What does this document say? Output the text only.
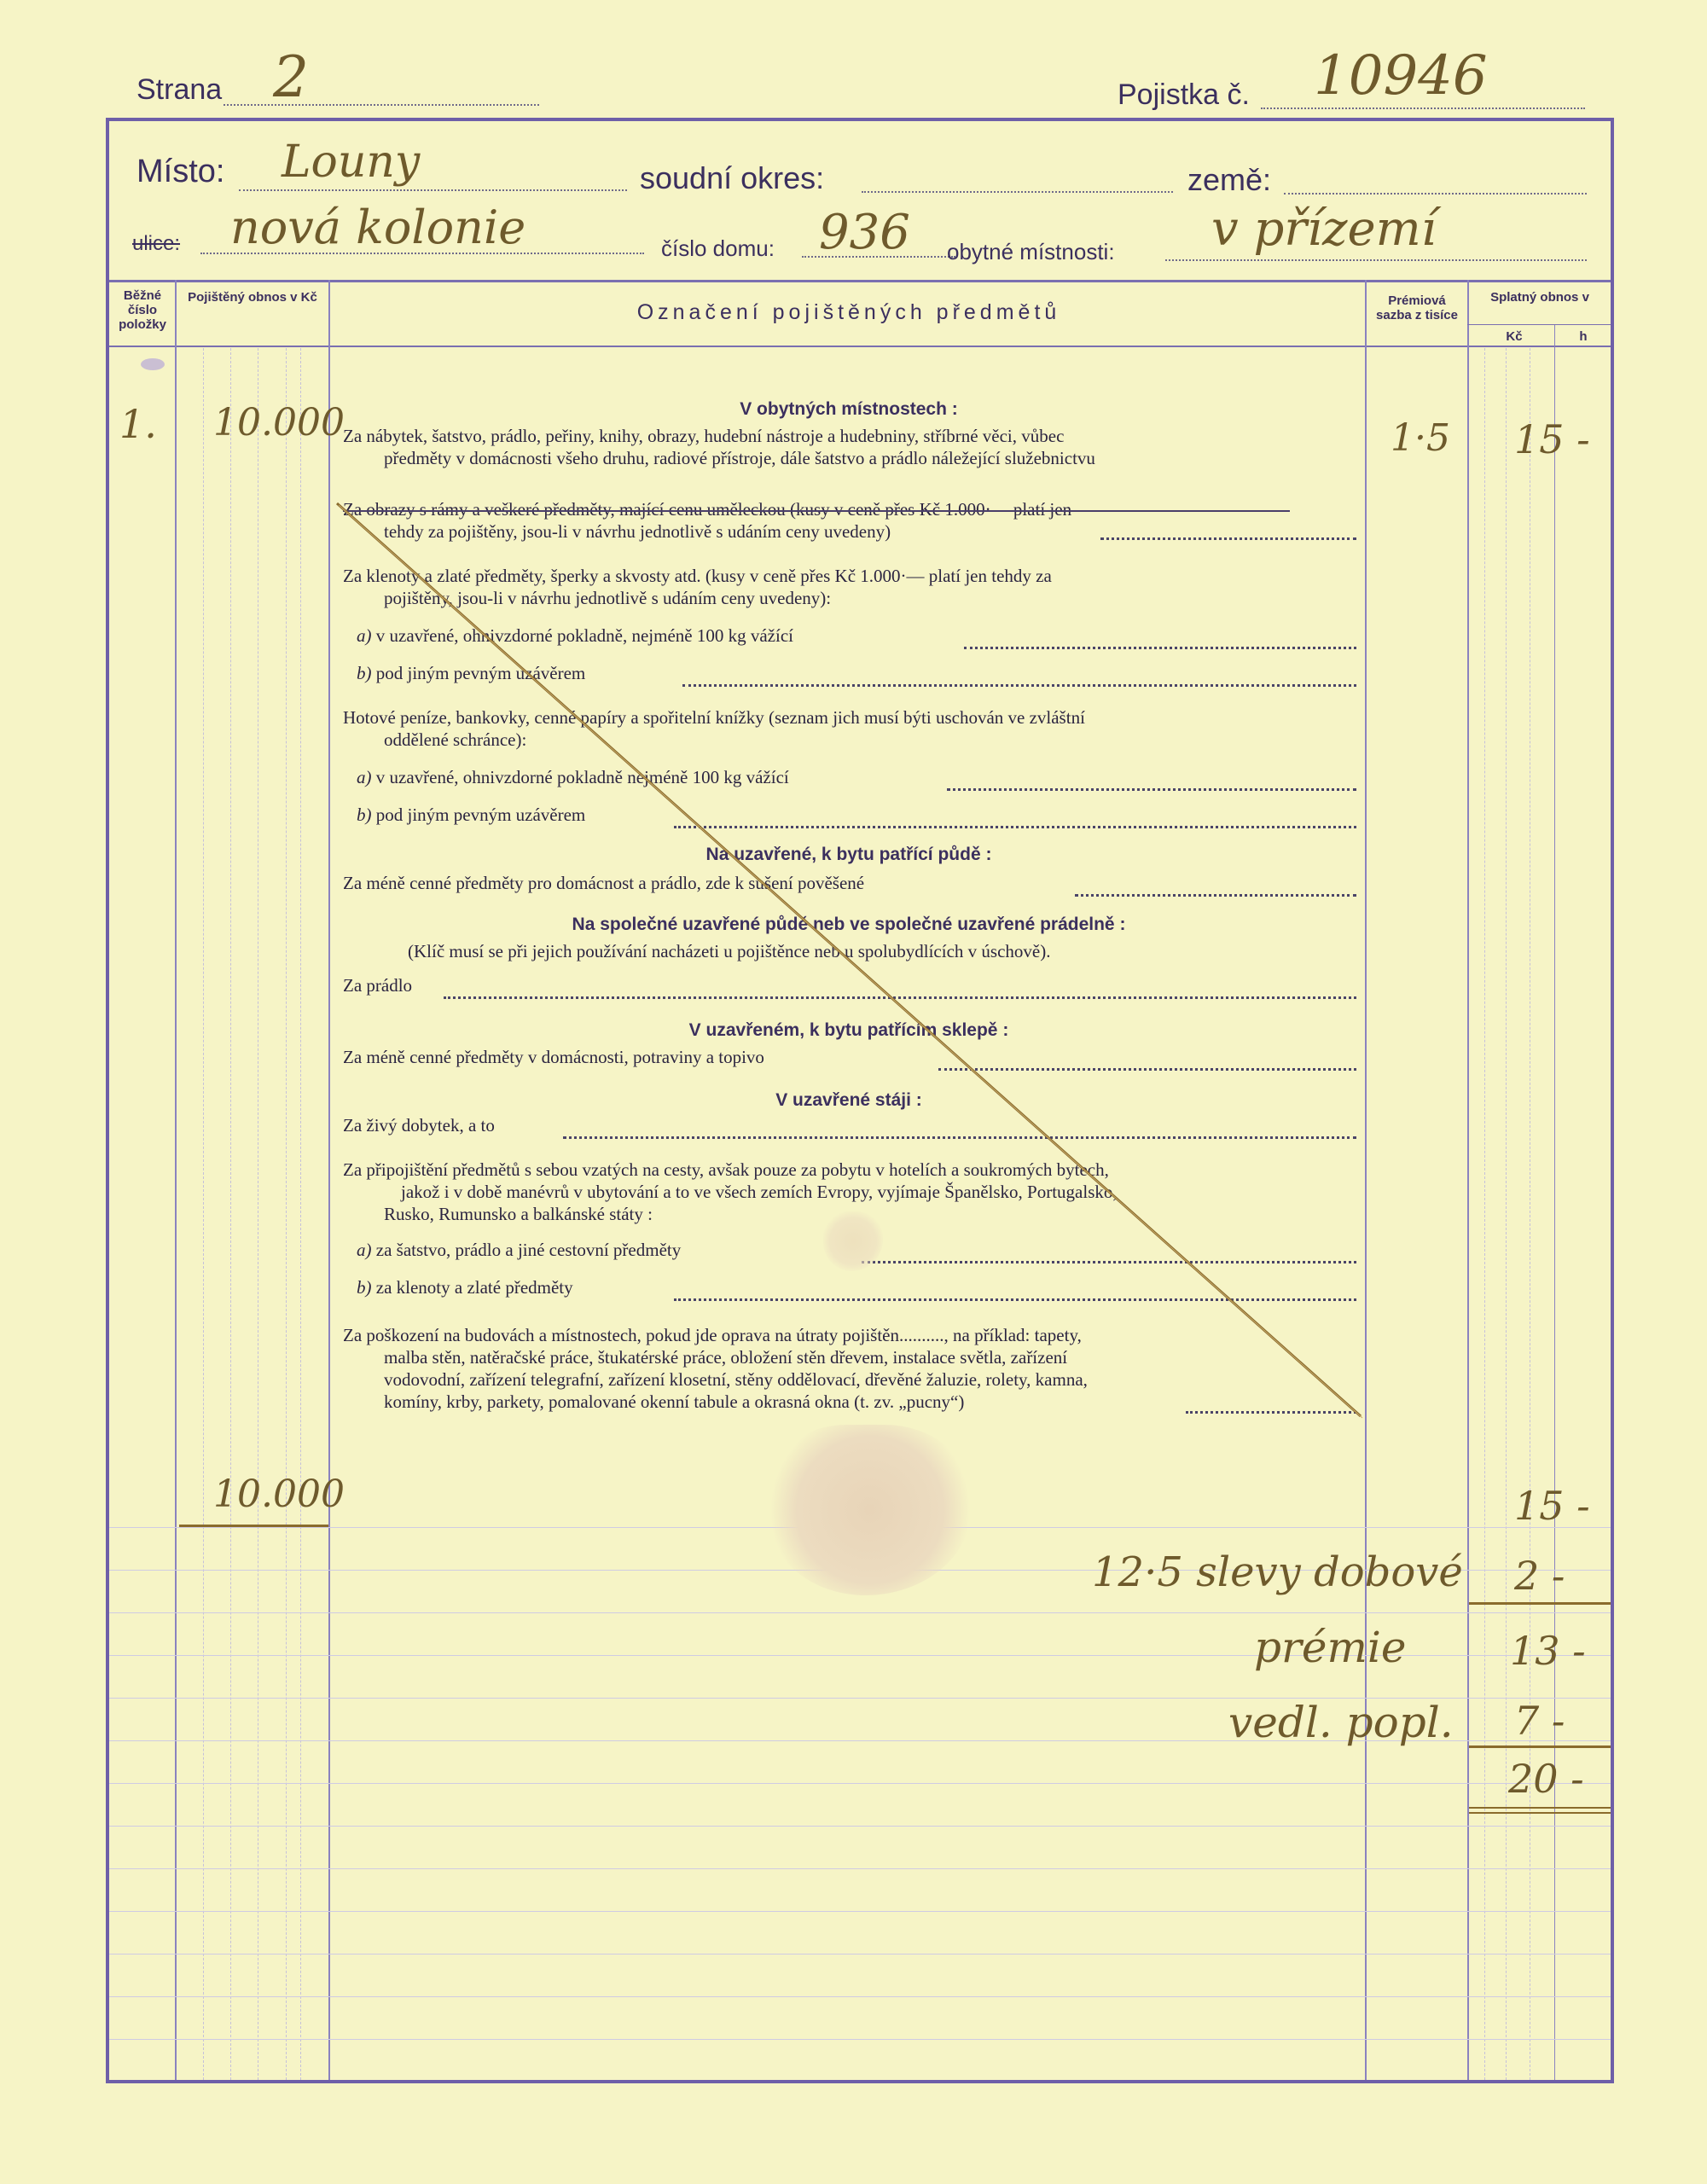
Strana 2	Pojistka č. 10946
Místo: Louny	soudní okres:	země:
ulice: nová kolonie	číslo domu: 936 obytné místnosti: v přízemí
Běžné číslo položky
Pojištěný obnos v Kč
Označení pojištěných předmětů	Prémiová sazba z tisíce
Splatný obnos v
Kč	h
1. 10.000	1·5 15 -
V obytných místnostech :
Za nábytek, šatstvo, prádlo, peřiny, knihy, obrazy, hudební nástroje a hudebniny, stříbrné věci, vůbec
předměty v domácnosti všeho druhu, radiové přístroje, dále šatstvo a prádlo náležející služebnictvu
Za obrazy s rámy a veškeré předměty, mající cenu uměleckou (kusy v ceně přes Kč 1.000·— platí jen
tehdy za pojištěny, jsou-li v návrhu jednotlivě s udáním ceny uvedeny)
Za klenoty a zlaté předměty, šperky a skvosty atd. (kusy v ceně přes Kč 1.000·— platí jen tehdy za
pojištěny, jsou-li v návrhu jednotlivě s udáním ceny uvedeny):
a) v uzavřené, ohnivzdorné pokladně, nejméně 100 kg vážící
b) pod jiným pevným uzávěrem
Hotové peníze, bankovky, cenné papíry a spořitelní knížky (seznam jich musí býti uschován ve zvláštní
oddělené schránce):
a) v uzavřené, ohnivzdorné pokladně nejméně 100 kg vážící
b) pod jiným pevným uzávěrem
Na uzavřené, k bytu patřící půdě :
Za méně cenné předměty pro domácnost a prádlo, zde k sušení pověšené
Na společné uzavřené půdě neb ve společné uzavřené prádelně :
(Klíč musí se při jejich používání nacházeti u pojištěnce neb u spolubydlících v úschově).
Za prádlo
V uzavřeném, k bytu patřícím sklepě :
Za méně cenné předměty v domácnosti, potraviny a topivo
V uzavřené stáji :
Za živý dobytek, a to
Za připojištění předmětů s sebou vzatých na cesty, avšak pouze za pobytu v hotelích a soukromých bytech,
jakož i v době manévrů v ubytování a to ve všech zemích Evropy, vyjímaje Španělsko, Portugalsko,
Rusko, Rumunsko a balkánské státy :
a) za šatstvo, prádlo a jiné cestovní předměty
b) za klenoty a zlaté předměty
Za poškození na budovách a místnostech, pokud jde oprava na útraty pojištěn.........., na příklad: tapety,
malba stěn, natěračské práce, štukatérské práce, obložení stěn dřevem, instalace světla, zařízení
vodovodní, zařízení telegrafní, zařízení klosetní, stěny oddělovací, dřevěné žaluzie, rolety, kamna,
komíny, krby, parkety, pomalované okenní tabule a okrasná okna (t. zv. „pucny“)
10.000	15 -
12·5 slevy dobové 2 -
prémie	13 -
vedl. popl. 7 -
20 -
